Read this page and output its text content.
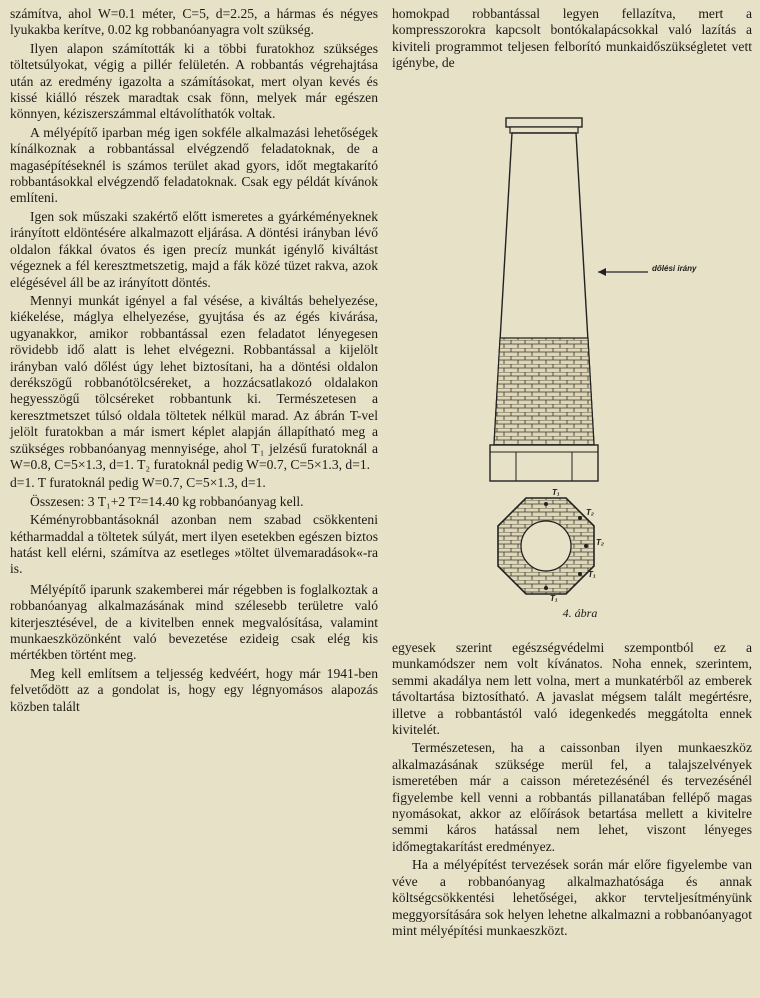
számítva, ahol W=0.1 méter, C=5, d=2.25, a hármas és négyes lyukakba kerítve, 0.02 kg robbanóanyagra volt szükség.

Ilyen alapon számították ki a többi furatokhoz szükséges töltetsúlyokat, végig a pillér felületén. A robbantás végrehajtása után az eredmény igazolta a számításokat, mert olyan kevés és kissé kiálló részek maradtak csak fönn, melyek már egészen könnyen, kéziszerszámmal eltávolíthatók voltak.

A mélyépítő iparban még igen sokféle alkalmazási lehetőségek kínálkoznak a robbantással elvégzendő feladatoknak, de a magasépítéseknél is számos terület akad gyors, időt megtakarító robbantásokkal elvégzendő feladatoknak. Csak egy példát kívánok említeni.

Igen sok műszaki szakértő előtt ismeretes a gyárkéményeknek irányított eldöntésére alkalmazott eljárása. A döntési irányban lévő oldalon fákkal óvatos és igen precíz munkát igénylő kiváltást végeznek a fél keresztmetszetig, majd a fák közé tüzet rakva, azok elégésével áll be az irányított döntés.

Mennyi munkát igényel a fal vésése, a kiváltás behelyezése, kiékelése, máglya elhelyezése, gyujtása és az égés kivárása, ugyanakkor, amikor robbantással ezen feladatot lényegesen rövidebb idő alatt is lehet elvégezni. Robbantással a kijelölt irányban való dőlést úgy lehet biztosítani, ha a döntési oldalon derékszögű robbanótölcséreket, a hozzácsatlakozó oldalakon hegyesszögű tölcséreket robbantunk ki. Természetesen a keresztmetszet túlsó oldala töltetek nélkül marad. Az ábrán T-vel jelölt furatokban a már ismert képlet alapján állapítható meg a szükséges robbanóanyag mennyisége, ahol T₁ jelzésű furatoknál a W=0.8, C=5×1.3, d=1. T₂ furatoknál pedig W=0.7, C=5×1.3, d=1.

d=1. T furatoknál pedig W=0.7, C=5×1.3, d=1.

Összesen: 3 T₁+2 T²=14.40 kg robbanóanyag kell.

Kéményrobbantásoknál azonban nem szabad csökkenteni kétharmaddal a töltetek súlyát, mert ilyen esetekben egészen biztos hatást kell elérni, számítva az esetleges »töltet ülvemaradások«-ra is.

Mélyépítő iparunk szakemberei már régebben is foglalkoztak a robbanóanyag alkalmazásának mind szélesebb területre való kiterjesztésével, de a kivitelben ennek megvalósítása, valamint munkaeszközönként való bevezetése ezideig csak elég kis mértékben történt meg.

Meg kell említsem a teljesség kedvéért, hogy már 1941-ben felvetődött az a gondolat is, hogy egy légnyomásos alapozás közben talált

homokpad robbantással legyen fellazítva, mert a kompresszorokra kapcsolt bontókalapácsokkal való lazítás a kiviteli programmot teljesen felborító munkaidőszükségletet vett igénybe, de

dőlési irány
T₁
T₂
T₂
T₁
T₁
4. ábra

egyesek szerint egészségvédelmi szempontból ez a munkamódszer nem volt kívánatos. Noha ennek, szerintem, semmi akadálya nem lett volna, mert a munkatérből az emberek távoltartása biztosítható. A javaslat mégsem talált megértésre, illetve a robbantástól való idegenkedés meggátolta ennek kivitelét.

Természetesen, ha a caissonban ilyen munkaeszköz alkalmazásának szüksége merül fel, a talajszelvények ismeretében már a caisson méretezésénél és tervezésénél figyelembe kell venni a robbantás pillanatában fellépő magas nyomásokat, akkor az előírások betartása mellett a kivitelre semmi káros hatással nem lehet, viszont lényeges időmegtakarítást eredményez.

Ha a mélyépítést tervezések során már előre figyelembe van véve a robbanóanyag alkalmazhatósága és annak költségcsökkentési lehetőségei, akkor tervteljesítményünk meggyorsítására sok helyen lehetne alkalmazni a robbanóanyagot mint mélyépítési munkaeszközt.
